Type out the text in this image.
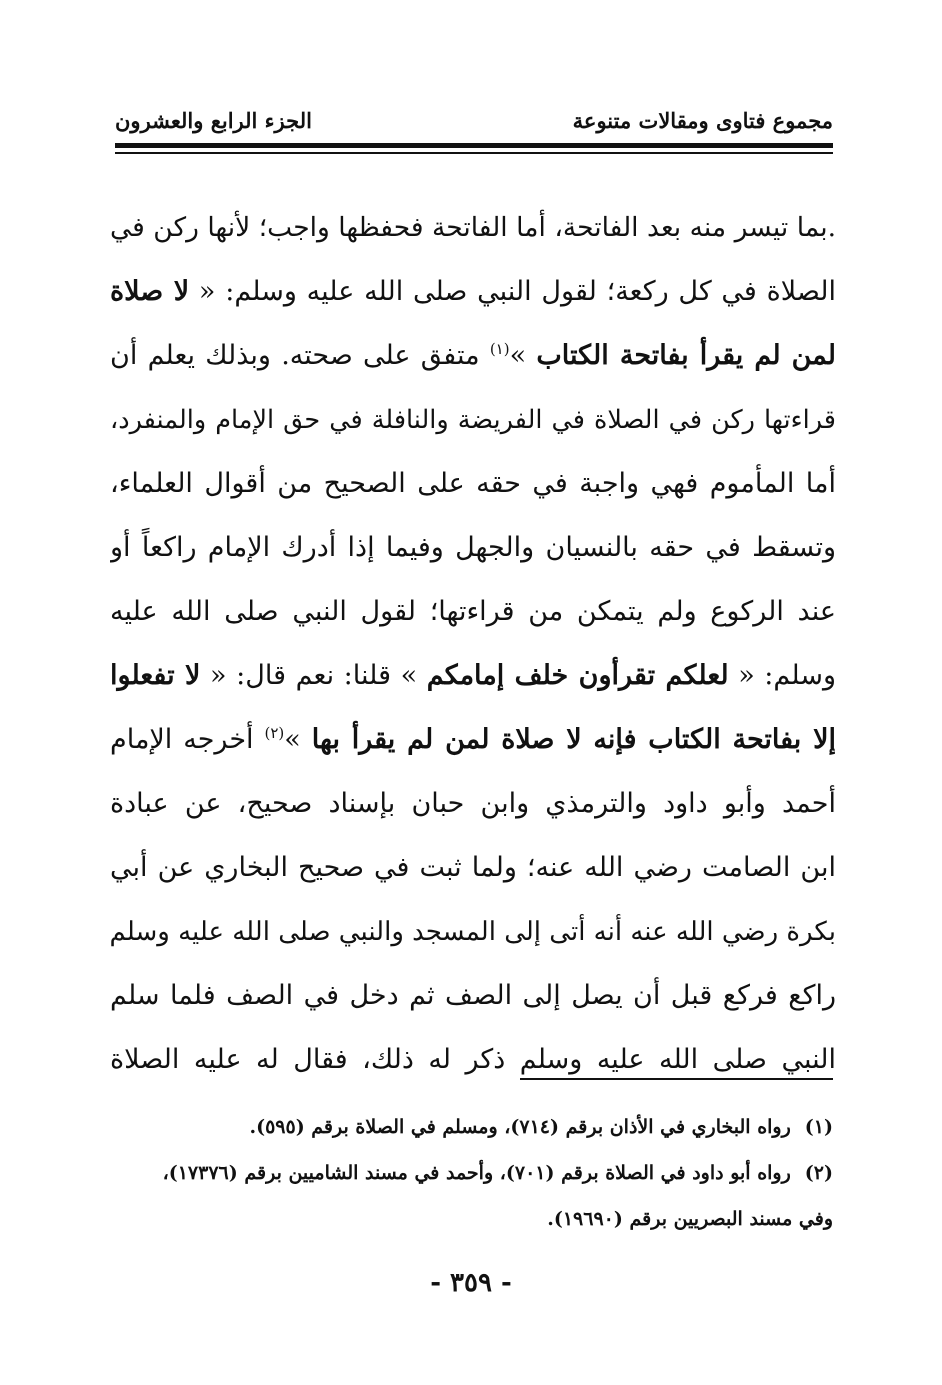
مجموع فتاوى ومقالات متنوعة
الجزء الرابع والعشرون
.بما تيسر منه بعد الفاتحة، أما الفاتحة فحفظها واجب؛ لأنها ركن في
الصلاة في كل ركعة؛ لقول النبي صلى الله عليه وسلم: « لا صلاة
لمن لم يقرأ بفاتحة الكتاب »$^{(١)}$ متفق على صحته. وبذلك يعلم أن
قراءتها ركن في الصلاة في الفريضة والنافلة في حق الإمام والمنفرد،
أما المأموم فهي واجبة في حقه على الصحيح من أقوال العلماء،
وتسقط في حقه بالنسيان والجهل وفيما إذا أدرك الإمام راكعاً أو
عند الركوع ولم يتمكن من قراءتها؛ لقول النبي صلى الله عليه
وسلم: « لعلكم تقرأون خلف إمامكم » قلنا: نعم قال: « لا تفعلوا
إلا بفاتحة الكتاب فإنه لا صلاة لمن لم يقرأ بها »$^{(٢)}$ أخرجه الإمام
أحمد وأبو داود والترمذي وابن حبان بإسناد صحيح، عن عبادة
ابن الصامت رضي الله عنه؛ ولما ثبت في صحيح البخاري عن أبي
بكرة رضي الله عنه أنه أتى إلى المسجد والنبي صلى الله عليه وسلم
راكع فركع قبل أن يصل إلى الصف ثم دخل في الصف فلما سلم
النبي صلى الله عليه وسلم ذكر له ذلك، فقال له عليه الصلاة
(١)رواه البخاري في الأذان برقم (٧١٤)، ومسلم في الصلاة برقم (٥٩٥).
(٢)رواه أبو داود في الصلاة برقم (٧٠١)، وأحمد في مسند الشاميين برقم (١٧٣٧٦)،
وفي مسند البصريين برقم (١٩٦٩٠).
- ٣٥٩ -
